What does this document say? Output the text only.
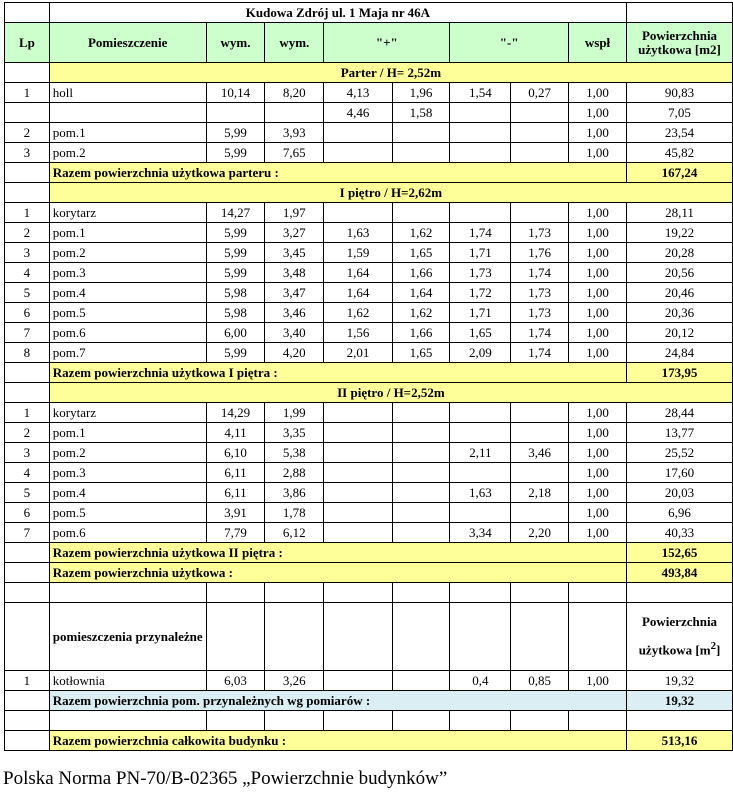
	Kudowa Zdrój ul. 1 Maja nr 46A								
Lp	Pomieszczenie	wym.	wym.	"+"		"-"		wspł	Powierzchnia
użytkowa [m2]
	Parter / H= 2,52m								
1	holl	10,14	8,20	4,13	1,96	1,54	0,27	1,00	90,83
				4,46	1,58			1,00	7,05
2	pom.1	5,99	3,93					1,00	23,54
3	pom.2	5,99	7,65					1,00	45,82
	Razem powierzchnia użytkowa parteru :								167,24
	I piętro / H=2,62m								
1	korytarz	14,27	1,97					1,00	28,11
2	pom.1	5,99	3,27	1,63	1,62	1,74	1,73	1,00	19,22
3	pom.2	5,99	3,45	1,59	1,65	1,71	1,76	1,00	20,28
4	pom.3	5,99	3,48	1,64	1,66	1,73	1,74	1,00	20,56
5	pom.4	5,98	3,47	1,64	1,64	1,72	1,73	1,00	20,46
6	pom.5	5,98	3,46	1,62	1,62	1,71	1,73	1,00	20,36
7	pom.6	6,00	3,40	1,56	1,66	1,65	1,74	1,00	20,12
8	pom.7	5,99	4,20	2,01	1,65	2,09	1,74	1,00	24,84
	Razem powierzchnia użytkowa I piętra :								173,95
	II piętro / H=2,52m								
1	korytarz	14,29	1,99					1,00	28,44
2	pom.1	4,11	3,35					1,00	13,77
3	pom.2	6,10	5,38			2,11	3,46	1,00	25,52
4	pom.3	6,11	2,88					1,00	17,60
5	pom.4	6,11	3,86			1,63	2,18	1,00	20,03
6	pom.5	3,91	1,78					1,00	6,96
7	pom.6	7,79	6,12			3,34	2,20	1,00	40,33
	Razem powierzchnia użytkowa II piętra :								152,65
	Razem powierzchnia użytkowa :								493,84

	pomieszczenia przynależne								Powierzchnia
użytkowa $[m^2]$
1	kotłownia	6,03	3,26			0,4	0,85	1,00	19,32
	Razem powierzchnia pom. przynależnych wg pomiarów :								19,32

	Razem powierzchnia całkowita budynku :								513,16
Polska Norma PN-70/B-02365 „Powierzchnie budynków”
